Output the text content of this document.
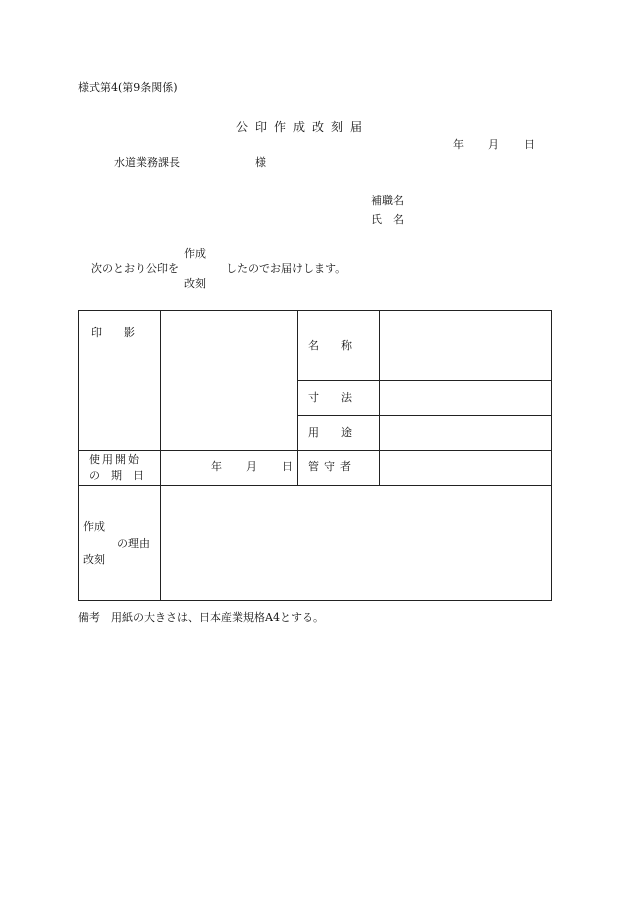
様式第4(第9条関係)
公印作成改刻届
年 月 日
水道業務課長	様
補職名
氏　名
作成
次のとおり公印を	したのでお届けします。
改刻
印　　影
名　　称
寸　　法
用　　途
使用開始
の　期　日
年 月 日 管守者
作成
の理由
改刻
備考　用紙の大きさは、日本産業規格A4とする。
